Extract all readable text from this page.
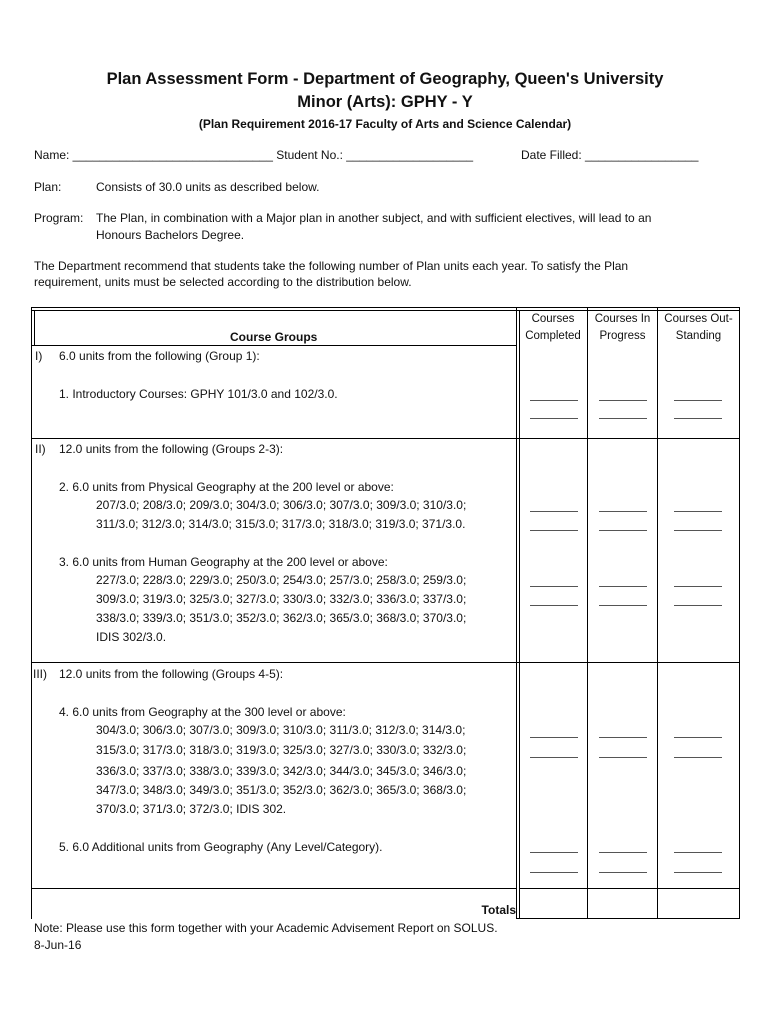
Plan Assessment Form - Department of Geography, Queen's University
Minor (Arts): GPHY - Y
(Plan Requirement 2016-17 Faculty of Arts and Science Calendar)
Name: ______________________________ Student No.: ___________________	Date Filled: _________________
Plan:	Consists of 30.0 units as described below.
Program: The Plan, in combination with a Major plan in another subject, and with sufficient electives, will lead to an
Honours Bachelors Degree.
The Department recommend that students take the following number of Plan units each year. To satisfy the Plan
requirement, units must be selected according to the distribution below.
Course Groups
Courses
Completed
Courses In
Progress
Courses Out-
Standing
I) 6.0 units from the following (Group 1):
1. Introductory Courses: GPHY 101/3.0 and 102/3.0.
II) 12.0 units from the following (Groups 2-3):
2. 6.0 units from Physical Geography at the 200 level or above:
207/3.0; 208/3.0; 209/3.0; 304/3.0; 306/3.0; 307/3.0; 309/3.0; 310/3.0;
311/3.0; 312/3.0; 314/3.0; 315/3.0; 317/3.0; 318/3.0; 319/3.0; 371/3.0.
3. 6.0 units from Human Geography at the 200 level or above:
227/3.0; 228/3.0; 229/3.0; 250/3.0; 254/3.0; 257/3.0; 258/3.0; 259/3.0;
309/3.0; 319/3.0; 325/3.0; 327/3.0; 330/3.0; 332/3.0; 336/3.0; 337/3.0;
338/3.0; 339/3.0; 351/3.0; 352/3.0; 362/3.0; 365/3.0; 368/3.0; 370/3.0;
IDIS 302/3.0.
III) 12.0 units from the following (Groups 4-5):
4. 6.0 units from Geography at the 300 level or above:
304/3.0; 306/3.0; 307/3.0; 309/3.0; 310/3.0; 311/3.0; 312/3.0; 314/3.0;
315/3.0; 317/3.0; 318/3.0; 319/3.0; 325/3.0; 327/3.0; 330/3.0; 332/3.0;
336/3.0; 337/3.0; 338/3.0; 339/3.0; 342/3.0; 344/3.0; 345/3.0; 346/3.0;
347/3.0; 348/3.0; 349/3.0; 351/3.0; 352/3.0; 362/3.0; 365/3.0; 368/3.0;
370/3.0; 371/3.0; 372/3.0; IDIS 302.
5. 6.0 Additional units from Geography (Any Level/Category).
Totals
Note: Please use this form together with your Academic Advisement Report on SOLUS.
8-Jun-16
